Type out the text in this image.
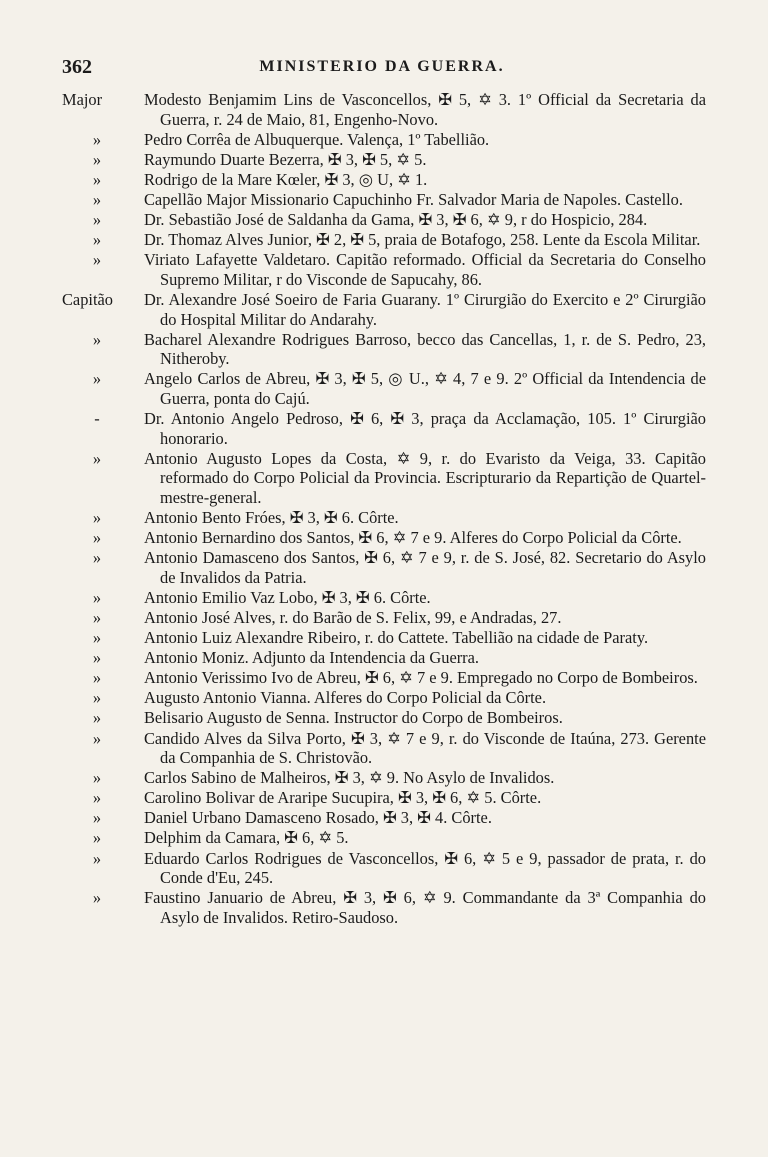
362	MINISTERIO DA GUERRA.
Major	Modesto Benjamim Lins de Vasconcellos, ✠ 5, ✡ 3. 1º Official da Secretaria da Guerra, r. 24 de Maio, 81, Engenho-Novo.
»	Pedro Corrêa de Albuquerque. Valença, 1º Tabellião.
»	Raymundo Duarte Bezerra, ✠ 3, ✠ 5, ✡ 5.
»	Rodrigo de la Mare Kœler, ✠ 3, ◎ U, ✡ 1.
»	Capellão Major Missionario Capuchinho Fr. Salvador Maria de Napoles. Castello.
»	Dr. Sebastião José de Saldanha da Gama, ✠ 3, ✠ 6, ✡ 9, r do Hospicio, 284.
»	Dr. Thomaz Alves Junior, ✠ 2, ✠ 5, praia de Botafogo, 258. Lente da Escola Militar.
»	Viriato Lafayette Valdetaro. Capitão reformado. Official da Secretaria do Conselho Supremo Militar, r do Visconde de Sapucahy, 86.
Capitão	Dr. Alexandre José Soeiro de Faria Guarany. 1º Cirurgião do Exercito e 2º Cirurgião do Hospital Militar do Andarahy.
»	Bacharel Alexandre Rodrigues Barroso, becco das Cancellas, 1, r. de S. Pedro, 23, Nitheroby.
»	Angelo Carlos de Abreu, ✠ 3, ✠ 5, ◎ U., ✡ 4, 7 e 9. 2º Official da Intendencia de Guerra, ponta do Cajú.
-	Dr. Antonio Angelo Pedroso, ✠ 6, ✠ 3, praça da Acclamação, 105. 1º Cirurgião honorario.
»	Antonio Augusto Lopes da Costa, ✡ 9, r. do Evaristo da Veiga, 33. Capitão reformado do Corpo Policial da Provincia. Escripturario da Repartição de Quartel-mestre-general.
»	Antonio Bento Fróes, ✠ 3, ✠ 6. Côrte.
»	Antonio Bernardino dos Santos, ✠ 6, ✡ 7 e 9. Alferes do Corpo Policial da Côrte.
»	Antonio Damasceno dos Santos, ✠ 6, ✡ 7 e 9, r. de S. José, 82. Secretario do Asylo de Invalidos da Patria.
»	Antonio Emilio Vaz Lobo, ✠ 3, ✠ 6. Côrte.
»	Antonio José Alves, r. do Barão de S. Felix, 99, e Andradas, 27.
»	Antonio Luiz Alexandre Ribeiro, r. do Cattete. Tabellião na cidade de Paraty.
»	Antonio Moniz. Adjunto da Intendencia da Guerra.
»	Antonio Verissimo Ivo de Abreu, ✠ 6, ✡ 7 e 9. Empregado no Corpo de Bombeiros.
»	Augusto Antonio Vianna. Alferes do Corpo Policial da Côrte.
»	Belisario Augusto de Senna. Instructor do Corpo de Bombeiros.
»	Candido Alves da Silva Porto, ✠ 3, ✡ 7 e 9, r. do Visconde de Itaúna, 273. Gerente da Companhia de S. Christovão.
»	Carlos Sabino de Malheiros, ✠ 3, ✡ 9. No Asylo de Invalidos.
»	Carolino Bolivar de Araripe Sucupira, ✠ 3, ✠ 6, ✡ 5. Côrte.
»	Daniel Urbano Damasceno Rosado, ✠ 3, ✠ 4. Côrte.
»	Delphim da Camara, ✠ 6, ✡ 5.
»	Eduardo Carlos Rodrigues de Vasconcellos, ✠ 6, ✡ 5 e 9, passador de prata, r. do Conde d'Eu, 245.
»	Faustino Januario de Abreu, ✠ 3, ✠ 6, ✡ 9. Commandante da 3ª Companhia do Asylo de Invalidos. Retiro-Saudoso.
